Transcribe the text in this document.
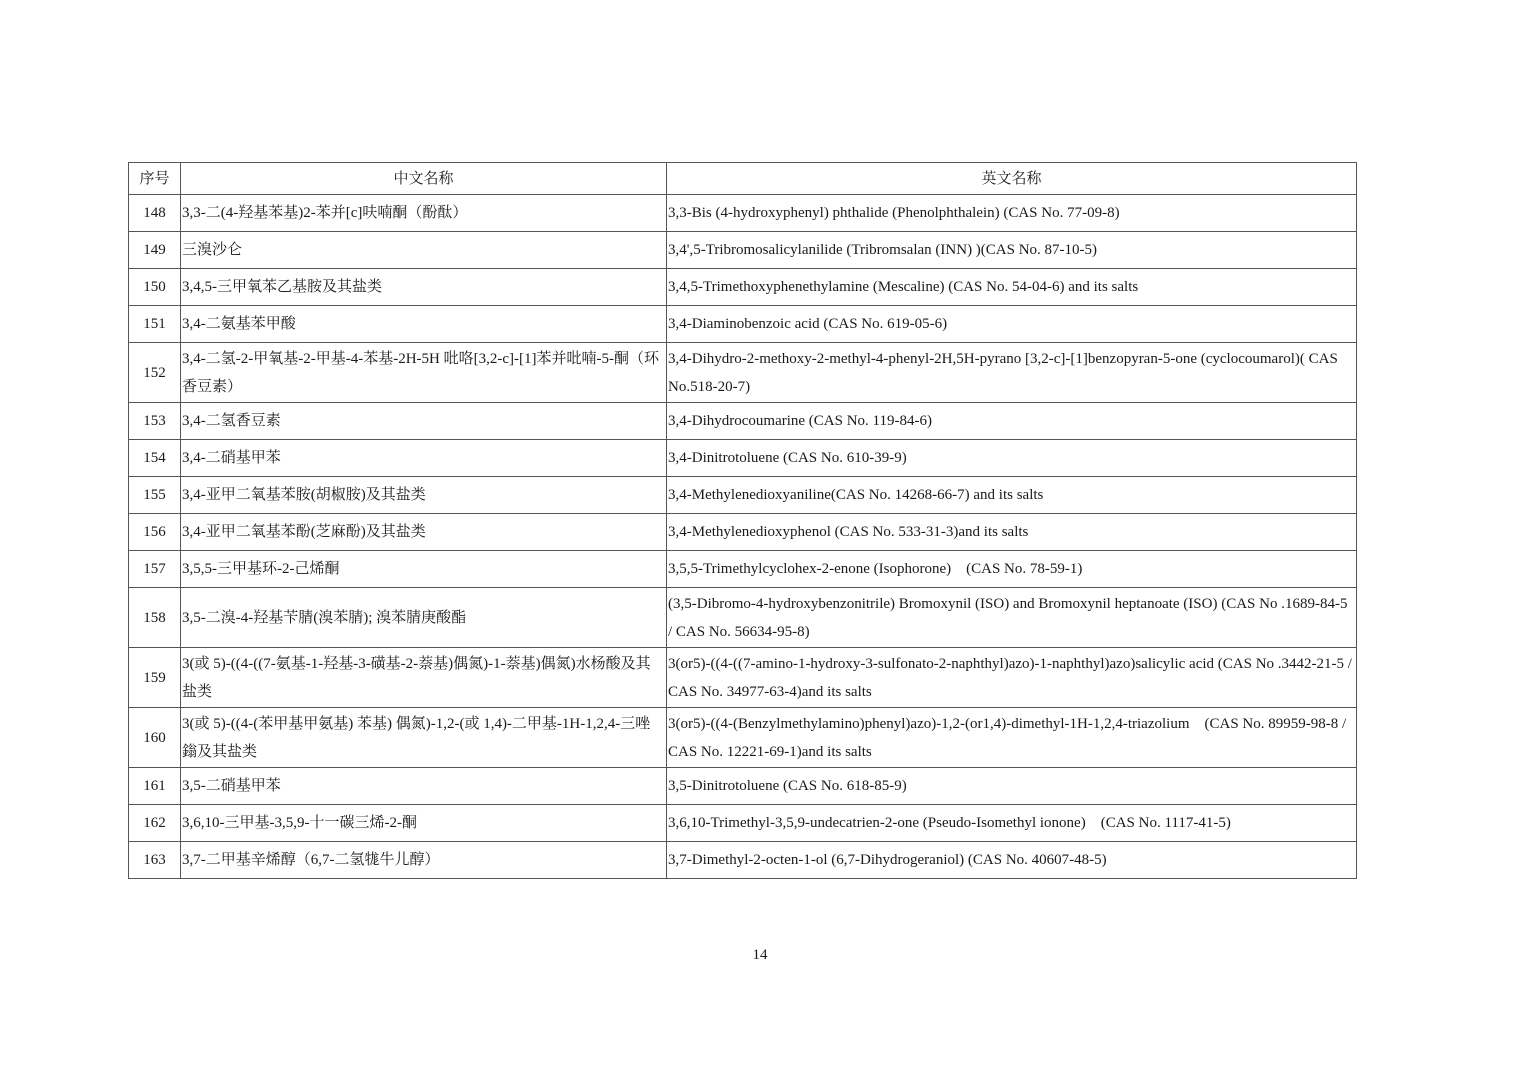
序号	中文名称	英文名称
148	3,3-二(4-羟基苯基)2-苯并[c]呋喃酮（酚酞）	3,3-Bis (4-hydroxyphenyl) phthalide (Phenolphthalein) (CAS No. 77-09-8)
149	三溴沙仑	3,4',5-Tribromosalicylanilide (Tribromsalan (INN) )(CAS No. 87-10-5)
150	3,4,5-三甲氧苯乙基胺及其盐类	3,4,5-Trimethoxyphenethylamine (Mescaline) (CAS No. 54-04-6) and its salts
151	3,4-二氨基苯甲酸	3,4-Diaminobenzoic acid (CAS No. 619-05-6)
152	3,4-二氢-2-甲氧基-2-甲基-4-苯基-2H-5H 吡咯[3,2-c]-[1]苯并吡喃-5-酮（环香豆素）	3,4-Dihydro-2-methoxy-2-methyl-4-phenyl-2H,5H-pyrano [3,2-c]-[1]benzopyran-5-one (cyclocoumarol)( CAS No.518-20-7)
153	3,4-二氢香豆素	3,4-Dihydrocoumarine (CAS No. 119-84-6)
154	3,4-二硝基甲苯	3,4-Dinitrotoluene (CAS No. 610-39-9)
155	3,4-亚甲二氧基苯胺(胡椒胺)及其盐类	3,4-Methylenedioxyaniline(CAS No. 14268-66-7) and its salts
156	3,4-亚甲二氧基苯酚(芝麻酚)及其盐类	3,4-Methylenedioxyphenol (CAS No. 533-31-3)and its salts
157	3,5,5-三甲基环-2-己烯酮	3,5,5-Trimethylcyclohex-2-enone (Isophorone)　(CAS No. 78-59-1)
158	3,5-二溴-4-羟基苄腈(溴苯腈); 溴苯腈庚酸酯	(3,5-Dibromo-4-hydroxybenzonitrile) Bromoxynil (ISO) and Bromoxynil heptanoate (ISO) (CAS No .1689-84-5 / CAS No. 56634-95-8)
159	3(或 5)-((4-((7-氨基-1-羟基-3-磺基-2-萘基)偶氮)-1-萘基)偶氮)水杨酸及其盐类	3(or5)-((4-((7-amino-1-hydroxy-3-sulfonato-2-naphthyl)azo)-1-naphthyl)azo)salicylic acid (CAS No .3442-21-5 / CAS No. 34977-63-4)and its salts
160	3(或 5)-((4-(苯甲基甲氨基) 苯基) 偶氮)-1,2-(或 1,4)-二甲基-1H-1,2,4-三唑鎓及其盐类	3(or5)-((4-(Benzylmethylamino)phenyl)azo)-1,2-(or1,4)-dimethyl-1H-1,2,4-triazolium　(CAS No. 89959-98-8 / CAS No. 12221-69-1)and its salts
161	3,5-二硝基甲苯	3,5-Dinitrotoluene (CAS No. 618-85-9)
162	3,6,10-三甲基-3,5,9-十一碳三烯-2-酮	3,6,10-Trimethyl-3,5,9-undecatrien-2-one (Pseudo-Isomethyl ionone)　(CAS No. 1117-41-5)
163	3,7-二甲基辛烯醇（6,7-二氢牻牛儿醇）	3,7-Dimethyl-2-octen-1-ol (6,7-Dihydrogeraniol) (CAS No. 40607-48-5)
14
